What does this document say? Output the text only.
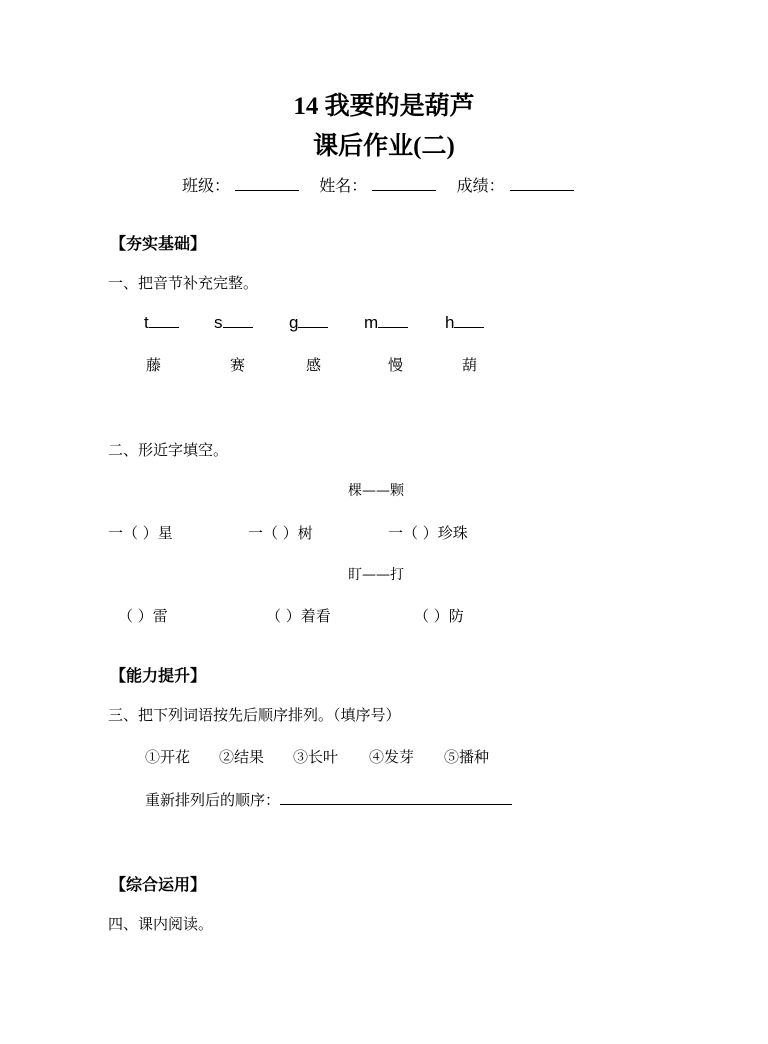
14 我要的是葫芦
课后作业(二)
班级：	姓名：	成绩：
【夯实基础】
一、把音节补充完整。
t	s	g	m	h
藤	赛	感	慢	葫
二、形近字填空。
棵——颗
一（ ）星	一（ ）树	一（ ）珍珠
盯——打
（ ）雷	（ ）着看	（ ）防
【能力提升】
三、把下列词语按先后顺序排列。（填序号）
①开花 ②结果 ③长叶 ④发芽 ⑤播种
重新排列后的顺序：
【综合运用】
四、课内阅读。
